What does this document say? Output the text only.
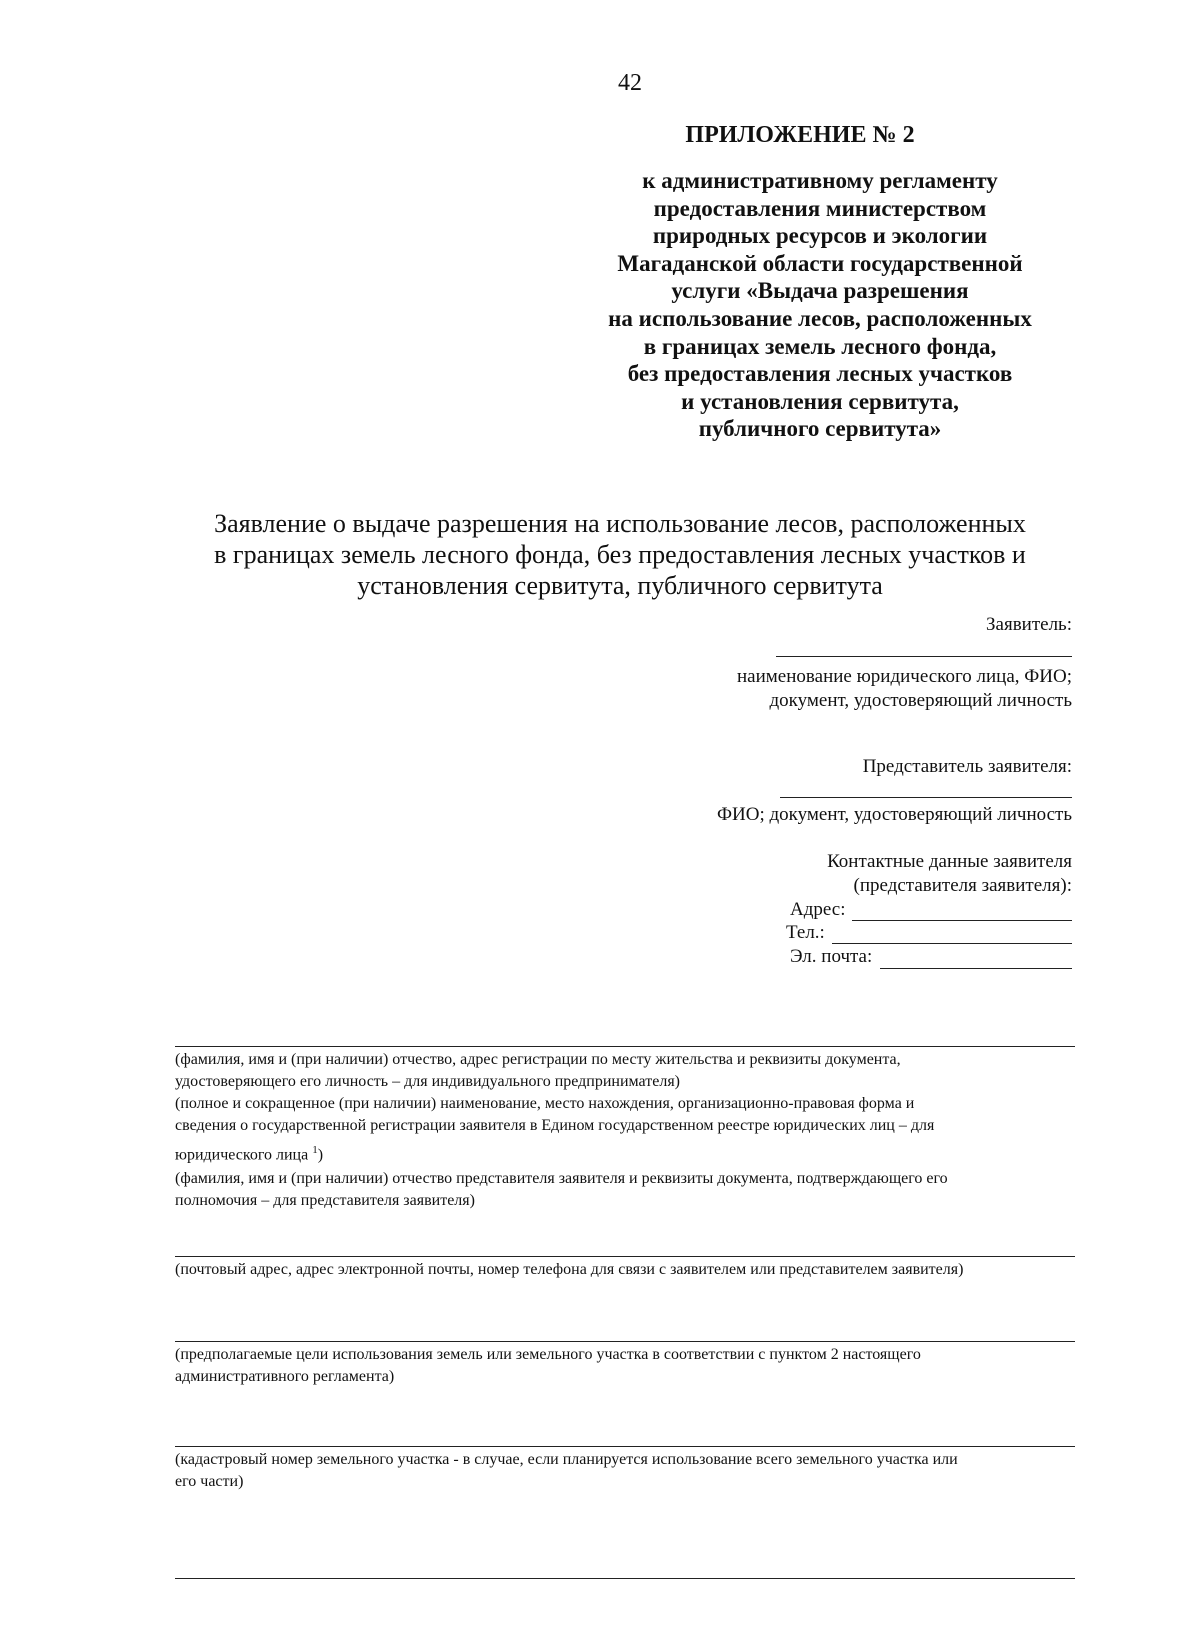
42
ПРИЛОЖЕНИЕ № 2
к административному регламенту
предоставления министерством
природных ресурсов и экологии
Магаданской области государственной
услуги «Выдача разрешения
на использование лесов, расположенных
в границах земель лесного фонда,
без предоставления лесных участков
и установления сервитута,
публичного сервитута»
Заявление о выдаче разрешения на использование лесов, расположенных
в границах земель лесного фонда, без предоставления лесных участков и
установления сервитута, публичного сервитута
Заявитель:
наименование юридического лица, ФИО;
документ, удостоверяющий личность
Представитель заявителя:
ФИО; документ, удостоверяющий личность
Контактные данные заявителя
(представителя заявителя):
Адрес:
Тел.:
Эл. почта:
(фамилия, имя и (при наличии) отчество, адрес регистрации по месту жительства и реквизиты документа,
удостоверяющего его личность – для индивидуального предпринимателя)
(полное и сокращенное (при наличии) наименование, место нахождения, организационно-правовая форма и
сведения о государственной регистрации заявителя в Едином государственном реестре юридических лиц – для
юридического лица $^1$)
(фамилия, имя и (при наличии) отчество представителя заявителя и реквизиты документа, подтверждающего его
полномочия – для представителя заявителя)
(почтовый адрес, адрес электронной почты, номер телефона для связи с заявителем или представителем заявителя)
(предполагаемые цели использования земель или земельного участка в соответствии с пунктом 2 настоящего
административного регламента)
(кадастровый номер земельного участка - в случае, если планируется использование всего земельного участка или
его части)
